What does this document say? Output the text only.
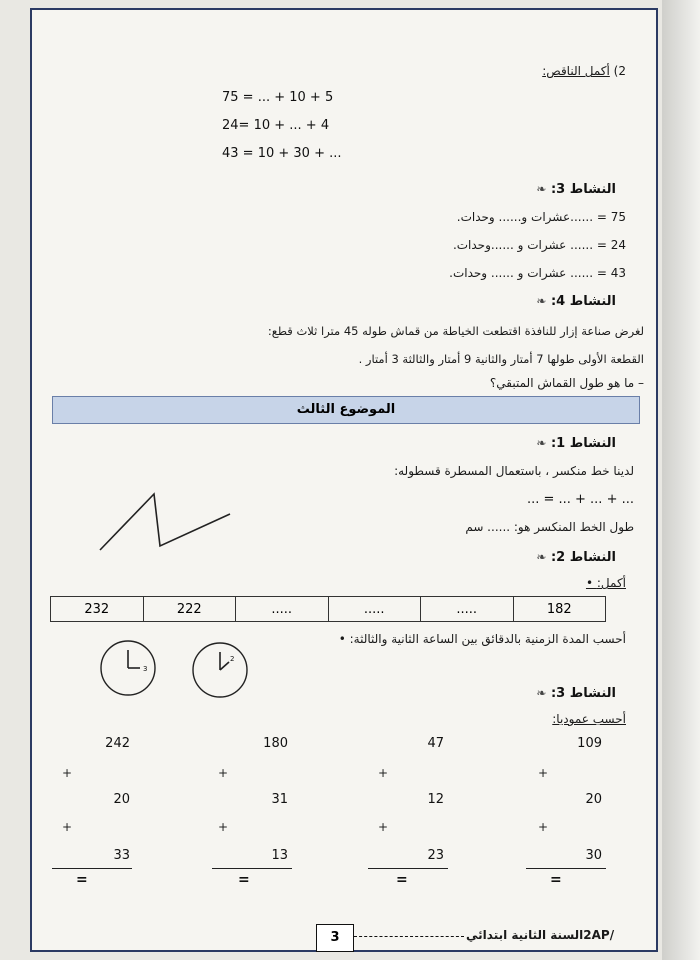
2) أكمل الناقص:
75 = ... + 10 + 5
24= 10 + ... + 4
43 = 10 + 30 + ...
النشاط 3: ❧
75 = ......عشرات و...... وحدات.
24 = ...... عشرات و ......وحدات.
43 = ...... عشرات و ...... وحدات.
النشاط 4: ❧
لغرض صناعة إزار للنافذة اقتطعت الخياطة من قماش طوله 45 مترا ثلاث قطع:
القطعة الأولى طولها 7 أمتار والثانية 9 أمتار والثالثة 3 أمتار .
– ما هو طول القماش المتبقي؟
الموضوع الثالث
النشاط 1: ❧
لدينا خط منكسر ، باستعمال المسطرة قسطوله:
... = ... + ... + ...
طول الخط المنكسر هو: ...... سم
النشاط 2: ❧
أكمل: •
232	222	.....	.....	.....	182
أحسب المدة الزمنية بالدقائق بين الساعة الثانية والثالثة: •
3
2
النشاط 3: ❧
أحسب عموديا:
109
+
20
+
30
=
47
+
12
+
23
=
180
+
31
+
13
=
242
+
20
+
33
=
3	2AP/السنة الثانية ابتدائي
